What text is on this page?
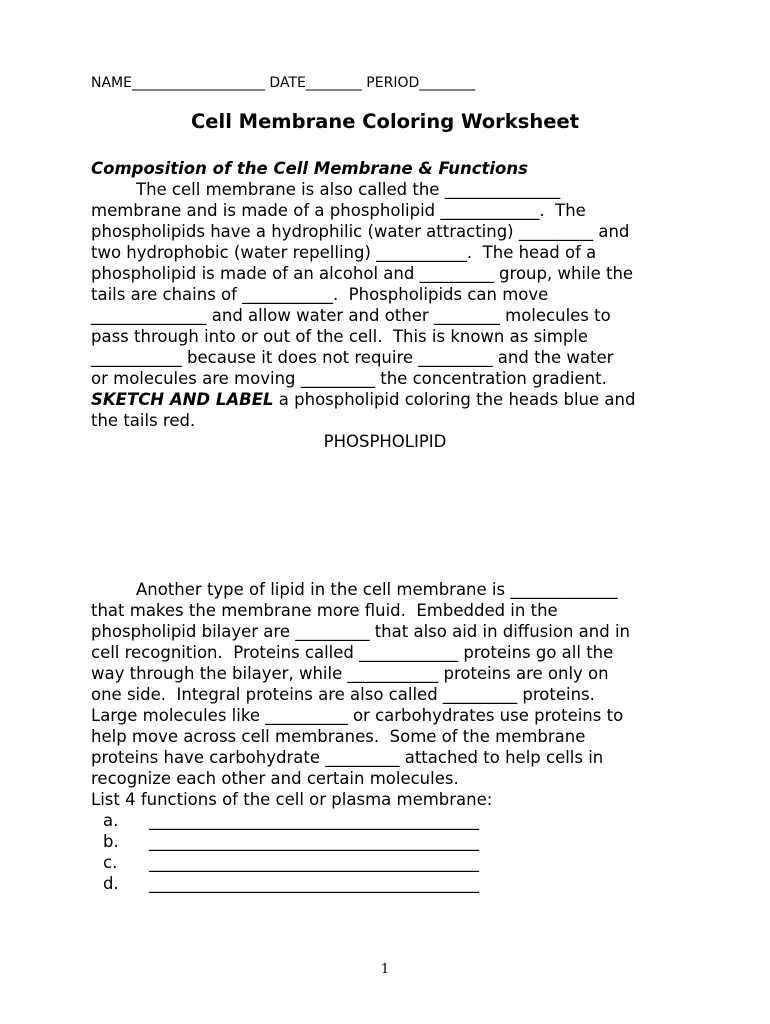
NAME___________________ DATE________ PERIOD________
Cell Membrane Coloring Worksheet
Composition of the Cell Membrane & Functions
The cell membrane is also called the ______________
membrane and is made of a phospholipid ____________.  The
phospholipids have a hydrophilic (water attracting) _________ and
two hydrophobic (water repelling) ___________.  The head of a
phospholipid is made of an alcohol and _________ group, while the
tails are chains of ___________.  Phospholipids can move
______________ and allow water and other ________ molecules to
pass through into or out of the cell.  This is known as simple
___________ because it does not require _________ and the water
or molecules are moving _________ the concentration gradient.
SKETCH AND LABEL a phospholipid coloring the heads blue and
the tails red.
PHOSPHOLIPID
Another type of lipid in the cell membrane is _____________
that makes the membrane more fluid.  Embedded in the
phospholipid bilayer are _________ that also aid in diffusion and in
cell recognition.  Proteins called ____________ proteins go all the
way through the bilayer, while ___________ proteins are only on
one side.  Integral proteins are also called _________ proteins.
Large molecules like __________ or carbohydrates use proteins to
help move across cell membranes.  Some of the membrane
proteins have carbohydrate _________ attached to help cells in
recognize each other and certain molecules.
List 4 functions of the cell or plasma membrane:
a.	________________________________________
b.	________________________________________
c.	________________________________________
d.	________________________________________
1
